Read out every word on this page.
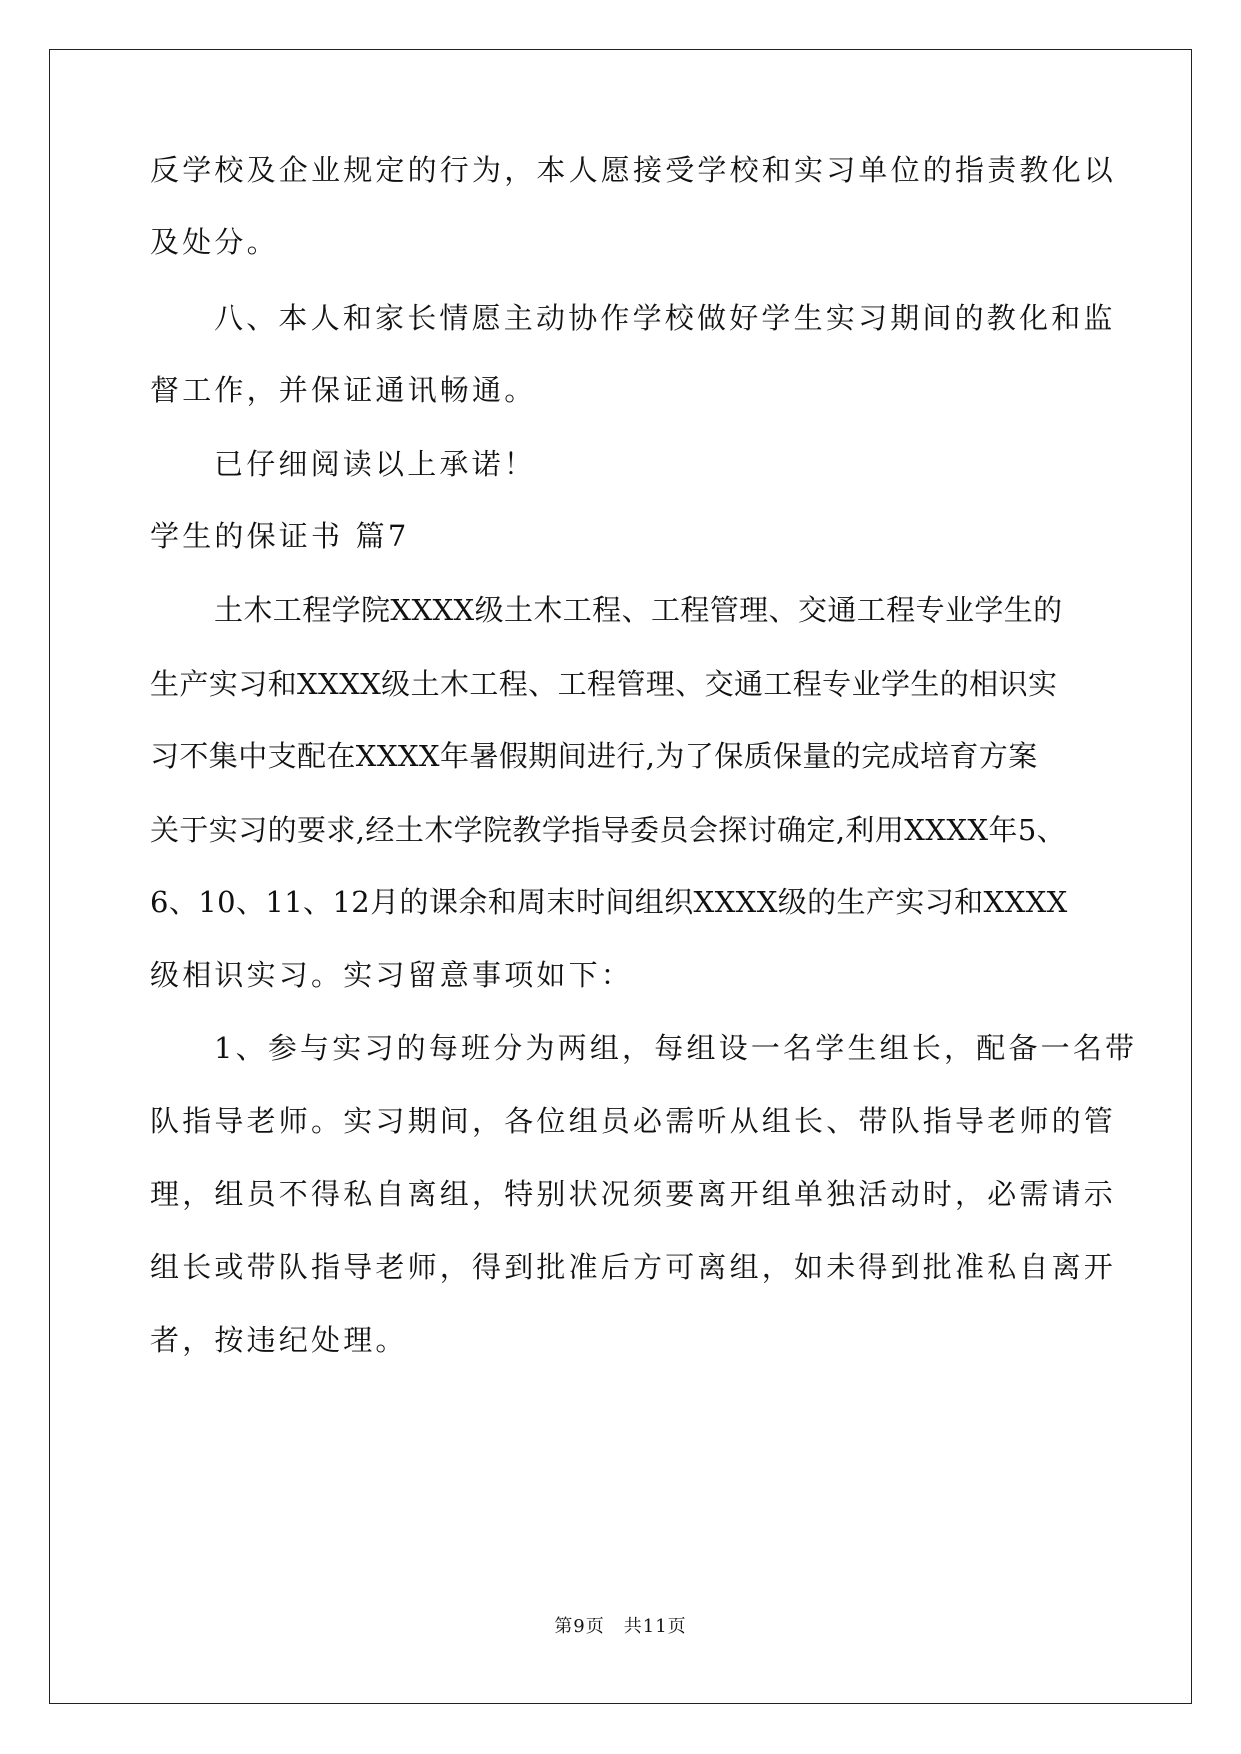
反学校及企业规定的行为，本人愿接受学校和实习单位的指责教化以
及处分。
八、本人和家长情愿主动协作学校做好学生实习期间的教化和监
督工作，并保证通讯畅通。
已仔细阅读以上承诺！
学生的保证书 篇7
土木工程学院XXXX级土木工程、工程管理、交通工程专业学生的
生产实习和XXXX级土木工程、工程管理、交通工程专业学生的相识实
习不集中支配在XXXX年暑假期间进行,为了保质保量的完成培育方案
关于实习的要求,经土木学院教学指导委员会探讨确定,利用XXXX年5、
6、10、11、12月的课余和周末时间组织XXXX级的生产实习和XXXX
级相识实习。实习留意事项如下：
1、参与实习的每班分为两组，每组设一名学生组长，配备一名带
队指导老师。实习期间，各位组员必需听从组长、带队指导老师的管
理，组员不得私自离组，特别状况须要离开组单独活动时，必需请示
组长或带队指导老师，得到批准后方可离组，如未得到批准私自离开
者，按违纪处理。
第9页　共11页
